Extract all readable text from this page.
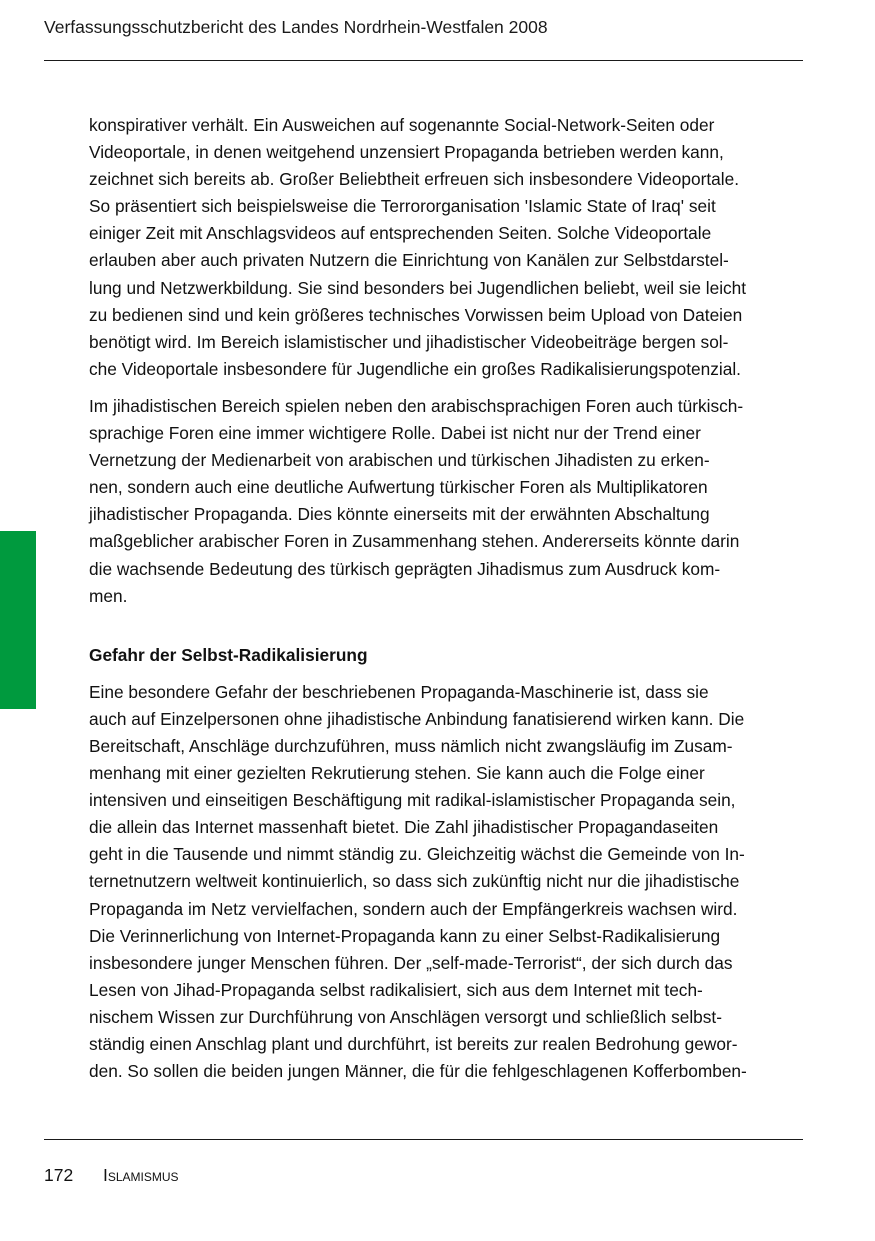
Verfassungsschutzbericht des Landes Nordrhein-Westfalen 2008
konspirativer verhält. Ein Ausweichen auf sogenannte Social-Network-Seiten oder
Videoportale, in denen weitgehend unzensiert Propaganda betrieben werden kann,
zeichnet sich bereits ab. Großer Beliebtheit erfreuen sich insbesondere Videoportale.
So präsentiert sich beispielsweise die Terrororganisation 'Islamic State of Iraq' seit
einiger Zeit mit Anschlagsvideos auf entsprechenden Seiten. Solche Videoportale
erlauben aber auch privaten Nutzern die Einrichtung von Kanälen zur Selbstdarstel-
lung und Netzwerkbildung. Sie sind besonders bei Jugendlichen beliebt, weil sie leicht
zu bedienen sind und kein größeres technisches Vorwissen beim Upload von Dateien
benötigt wird. Im Bereich islamistischer und jihadistischer Videobeiträge bergen sol-
che Videoportale insbesondere für Jugendliche ein großes Radikalisierungspotenzial.
Im jihadistischen Bereich spielen neben den arabischsprachigen Foren auch türkisch-
sprachige Foren eine immer wichtigere Rolle. Dabei ist nicht nur der Trend einer
Vernetzung der Medienarbeit von arabischen und türkischen Jihadisten zu erken-
nen, sondern auch eine deutliche Aufwertung türkischer Foren als Multiplikatoren
jihadistischer Propaganda. Dies könnte einerseits mit der erwähnten Abschaltung
maßgeblicher arabischer Foren in Zusammenhang stehen. Andererseits könnte darin
die wachsende Bedeutung des türkisch geprägten Jihadismus zum Ausdruck kom-
men.
Gefahr der Selbst-Radikalisierung
Eine besondere Gefahr der beschriebenen Propaganda-Maschinerie ist, dass sie
auch auf Einzelpersonen ohne jihadistische Anbindung fanatisierend wirken kann. Die
Bereitschaft, Anschläge durchzuführen, muss nämlich nicht zwangsläufig im Zusam-
menhang mit einer gezielten Rekrutierung stehen. Sie kann auch die Folge einer
intensiven und einseitigen Beschäftigung mit radikal-islamistischer Propaganda sein,
die allein das Internet massenhaft bietet. Die Zahl jihadistischer Propagandaseiten
geht in die Tausende und nimmt ständig zu. Gleichzeitig wächst die Gemeinde von In-
ternetnutzern weltweit kontinuierlich, so dass sich zukünftig nicht nur die jihadistische
Propaganda im Netz vervielfachen, sondern auch der Empfängerkreis wachsen wird.
Die Verinnerlichung von Internet-Propaganda kann zu einer Selbst-Radikalisierung
insbesondere junger Menschen führen. Der „self-made-Terrorist“, der sich durch das
Lesen von Jihad-Propaganda selbst radikalisiert, sich aus dem Internet mit tech-
nischem Wissen zur Durchführung von Anschlägen versorgt und schließlich selbst-
ständig einen Anschlag plant und durchführt, ist bereits zur realen Bedrohung gewor-
den. So sollen die beiden jungen Männer, die für die fehlgeschlagenen Kofferbomben-
172 Islamismus
